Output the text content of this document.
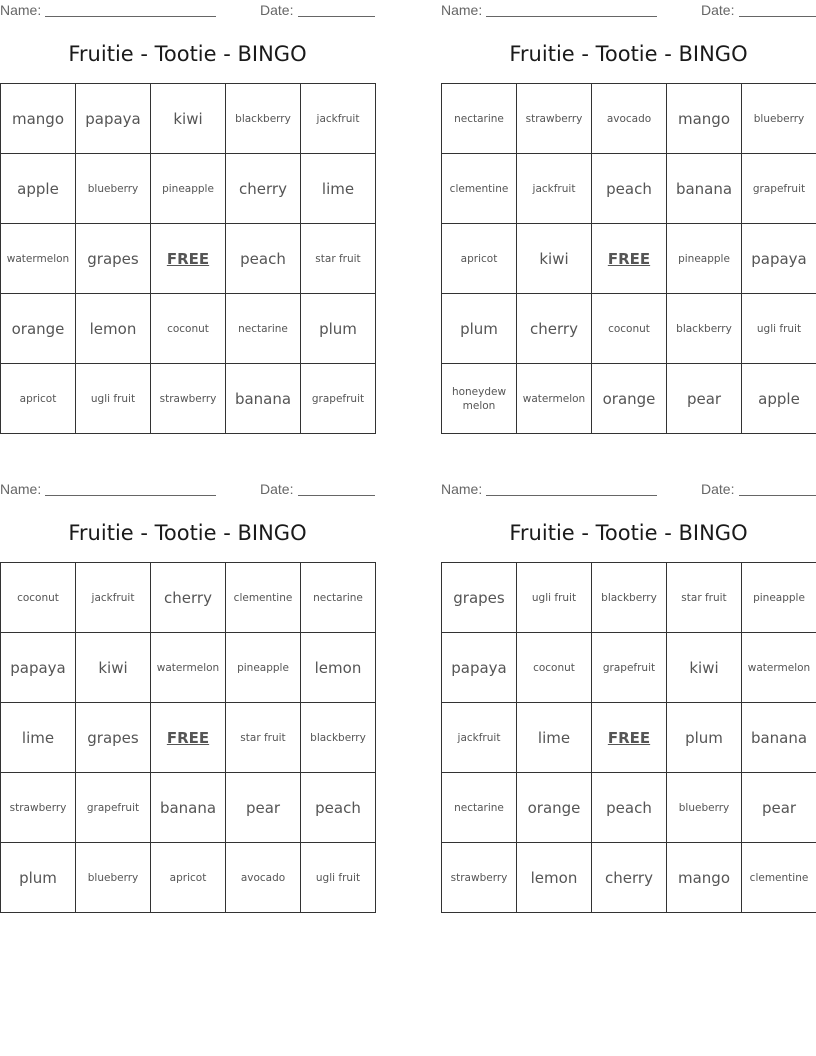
Name:	Date:
Fruitie - Tootie - BINGO
mango	papaya	kiwi	blackberry	jackfruit
apple	blueberry	pineapple	cherry	lime
watermelon	grapes	FREE	peach	star fruit
orange	lemon	coconut	nectarine	plum
apricot	ugli fruit	strawberry	banana	grapefruit
Name:	Date:
Fruitie - Tootie - BINGO
nectarine	strawberry	avocado	mango	blueberry
clementine	jackfruit	peach	banana	grapefruit
apricot	kiwi	FREE	pineapple	papaya
plum	cherry	coconut	blackberry	ugli fruit
honeydew melon	watermelon	orange	pear	apple
Name:	Date:
Fruitie - Tootie - BINGO
coconut	jackfruit	cherry	clementine	nectarine
papaya	kiwi	watermelon	pineapple	lemon
lime	grapes	FREE	star fruit	blackberry
strawberry	grapefruit	banana	pear	peach
plum	blueberry	apricot	avocado	ugli fruit
Name:	Date:
Fruitie - Tootie - BINGO
grapes	ugli fruit	blackberry	star fruit	pineapple
papaya	coconut	grapefruit	kiwi	watermelon
jackfruit	lime	FREE	plum	banana
nectarine	orange	peach	blueberry	pear
strawberry	lemon	cherry	mango	clementine
